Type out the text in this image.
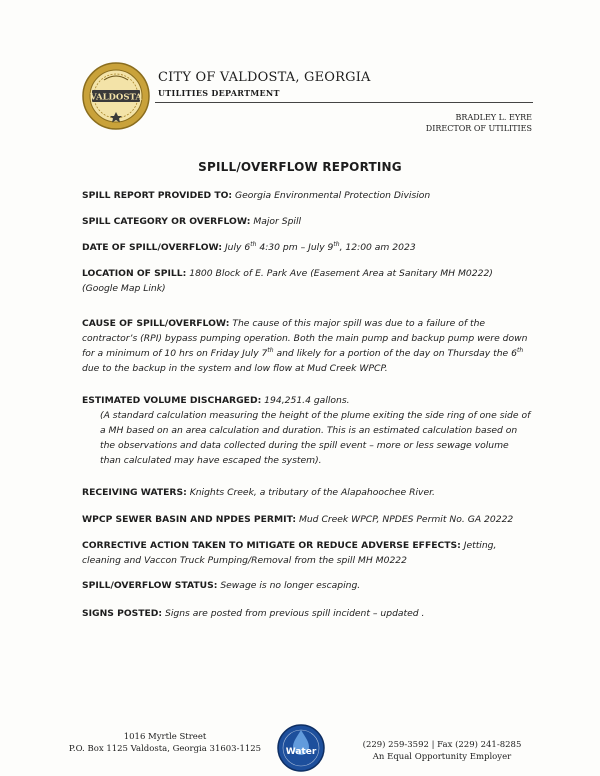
VALDOSTA
CITY OF VALDOSTA, GEORGIA
UTILITIES DEPARTMENT
BRADLEY L. EYRE
DIRECTOR OF UTILITIES
SPILL/OVERFLOW REPORTING
SPILL REPORT PROVIDED TO: Georgia Environmental Protection Division
SPILL CATEGORY OR OVERFLOW: Major Spill
DATE OF SPILL/OVERFLOW: July 6th 4:30 pm – July 9th, 12:00 am 2023
LOCATION OF SPILL: 1800 Block of E. Park Ave (Easement Area at Sanitary MH M0222)
(Google Map Link)
CAUSE OF SPILL/OVERFLOW: The cause of this major spill was due to a failure of the contractor’s (RPI) bypass pumping operation. Both the main pump and backup pump were down for a minimum of 10 hrs on Friday July 7th and likely for a portion of the day on Thursday the 6th due to the backup in the system and low flow at Mud Creek WPCP.
ESTIMATED VOLUME DISCHARGED: 194,251.4 gallons.
(A standard calculation measuring the height of the plume exiting the side ring of one side of a MH based on an area calculation and duration. This is an estimated calculation based on the observations and data collected during the spill event – more or less sewage volume than calculated may have escaped the system).
RECEIVING WATERS: Knights Creek, a tributary of the Alapahoochee River.
WPCP SEWER BASIN AND NPDES PERMIT: Mud Creek WPCP, NPDES Permit No. GA 20222
CORRECTIVE ACTION TAKEN TO MITIGATE OR REDUCE ADVERSE EFFECTS: Jetting, cleaning and Vaccon Truck Pumping/Removal from the spill MH M0222
SPILL/OVERFLOW STATUS: Sewage is no longer escaping.
SIGNS POSTED: Signs are posted from previous spill incident – updated .
1016 Myrtle Street
P.O. Box 1125 Valdosta, Georgia 31603-1125	Water
(229) 259-3592 | Fax (229) 241-8285
An Equal Opportunity Employer
